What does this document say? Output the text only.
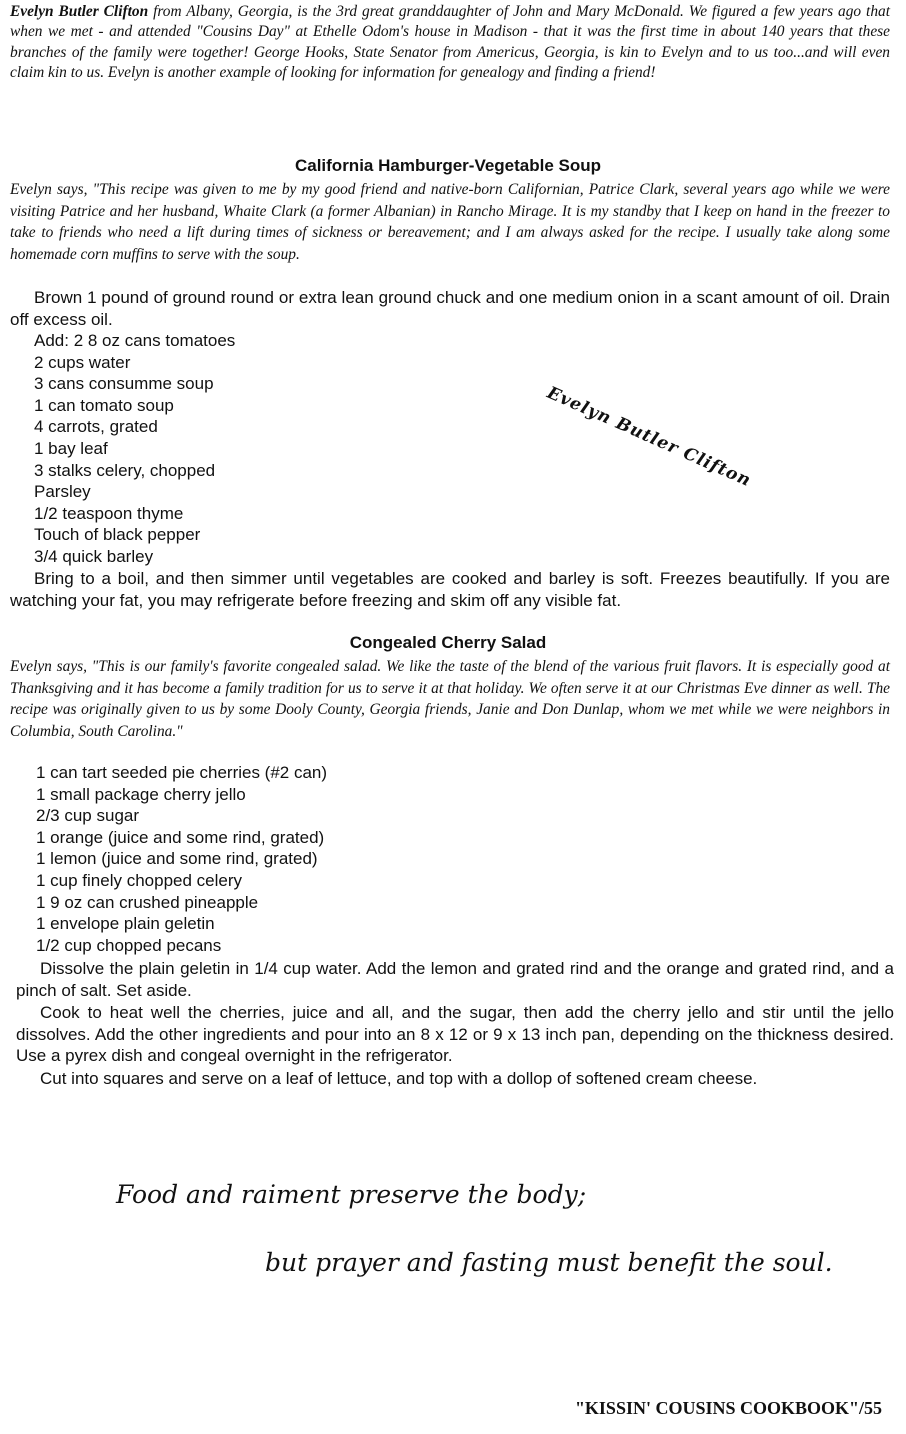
Evelyn Butler Clifton from Albany, Georgia, is the 3rd great granddaughter of John and Mary McDonald. We figured a few years ago that when we met - and attended "Cousins Day" at Ethelle Odom's house in Madison - that it was the first time in about 140 years that these branches of the family were together! George Hooks, State Senator from Americus, Georgia, is kin to Evelyn and to us too...and will even claim kin to us. Evelyn is another example of looking for information for genealogy and finding a friend!

California Hamburger-Vegetable Soup

Evelyn says, "This recipe was given to me by my good friend and native-born Californian, Patrice Clark, several years ago while we were visiting Patrice and her husband, Whaite Clark (a former Albanian) in Rancho Mirage. It is my standby that I keep on hand in the freezer to take to friends who need a lift during times of sickness or bereavement; and I am always asked for the recipe. I usually take along some homemade corn muffins to serve with the soup.

Brown 1 pound of ground round or extra lean ground chuck and one medium onion in a scant amount of oil. Drain off excess oil.

Add: 2 8 oz cans tomatoes
2 cups water
3 cans consumme soup
1 can tomato soup
4 carrots, grated
1 bay leaf
3 stalks celery, chopped
Parsley
1/2 teaspoon thyme
Touch of black pepper
3/4 quick barley

Evelyn Butler Clifton

Bring to a boil, and then simmer until vegetables are cooked and barley is soft. Freezes beautifully. If you are watching your fat, you may refrigerate before freezing and skim off any visible fat.

Congealed Cherry Salad

Evelyn says, "This is our family's favorite congealed salad. We like the taste of the blend of the various fruit flavors. It is especially good at Thanksgiving and it has become a family tradition for us to serve it at that holiday. We often serve it at our Christmas Eve dinner as well. The recipe was originally given to us by some Dooly County, Georgia friends, Janie and Don Dunlap, whom we met while we were neighbors in Columbia, South Carolina."

1 can tart seeded pie cherries (#2 can)
1 small package cherry jello
2/3 cup sugar
1 orange (juice and some rind, grated)
1 lemon (juice and some rind, grated)
1 cup finely chopped celery
1 9 oz can crushed pineapple
1 envelope plain geletin
1/2 cup chopped pecans

Dissolve the plain geletin in 1/4 cup water. Add the lemon and grated rind and the orange and grated rind, and a pinch of salt. Set aside.

Cook to heat well the cherries, juice and all, and the sugar, then add the cherry jello and stir until the jello dissolves. Add the other ingredients and pour into an 8 x 12 or 9 x 13 inch pan, depending on the thickness desired. Use a pyrex dish and congeal overnight in the refrigerator.

Cut into squares and serve on a leaf of lettuce, and top with a dollop of softened cream cheese.

Food and raiment preserve the body;

but prayer and fasting must benefit the soul.

"KISSIN' COUSINS COOKBOOK"/55
